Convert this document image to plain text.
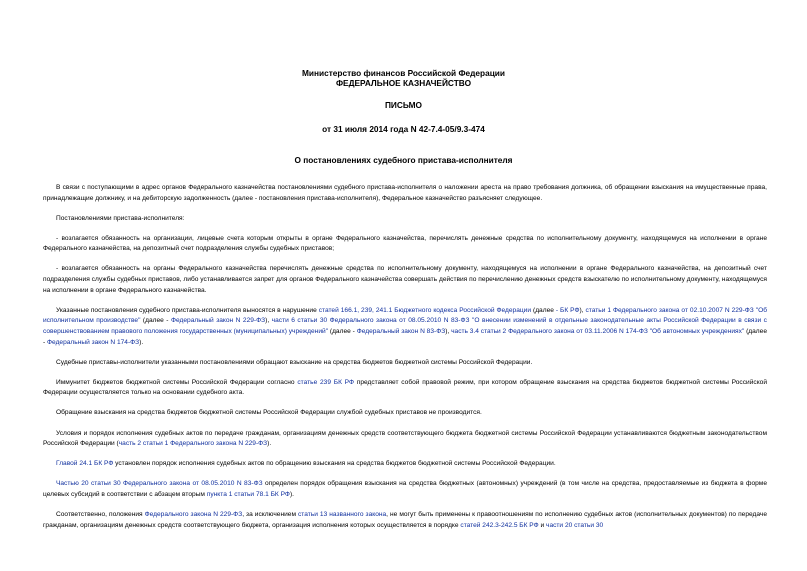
Министерство финансов Российской Федерации
ФЕДЕРАЛЬНОЕ КАЗНАЧЕЙСТВО
ПИСЬМО
от 31 июля 2014 года N 42-7.4-05/9.3-474
О постановлениях судебного пристава-исполнителя

В связи с поступающими в адрес органов Федерального казначейства постановлениями судебного пристава-исполнителя о наложении ареста на право требования должника, об обращении взыскания на имущественные права, принадлежащие должнику, и на дебиторскую задолженность (далее - постановления пристава-исполнителя), Федеральное казначейство разъясняет следующее.

Постановлениями пристава-исполнителя:

- возлагается обязанность на организации, лицевые счета которым открыты в органе Федерального казначейства, перечислять денежные средства по исполнительному документу, находящемуся на исполнении в органе Федерального казначейства, на депозитный счет подразделения службы судебных приставов;

- возлагается обязанность на органы Федерального казначейства перечислять денежные средства по исполнительному документу, находящемуся на исполнении в органе Федерального казначейства, на депозитный счет подразделения службы судебных приставов, либо устанавливается запрет для органов Федерального казначейства совершать действия по перечислению денежных средств взыскателю по исполнительному документу, находящемуся на исполнении в органе Федерального казначейства.

Указанные постановления судебного пристава-исполнителя выносятся в нарушение статей 166.1, 239, 241.1 Бюджетного кодекса Российской Федерации (далее - БК РФ), статьи 1 Федерального закона от 02.10.2007 N 229-ФЗ "Об исполнительном производстве" (далее - Федеральный закон N 229-ФЗ), части 6 статьи 30 Федерального закона от 08.05.2010 N 83-ФЗ "О внесении изменений в отдельные законодательные акты Российской Федерации в связи с совершенствованием правового положения государственных (муниципальных) учреждений" (далее - Федеральный закон N 83-ФЗ), часть 3.4 статьи 2 Федерального закона от 03.11.2006 N 174-ФЗ "Об автономных учреждениях" (далее - Федеральный закон N 174-ФЗ).

Судебные приставы-исполнители указанными постановлениями обращают взыскание на средства бюджетов бюджетной системы Российской Федерации.

Иммунитет бюджетов бюджетной системы Российской Федерации согласно статье 239 БК РФ представляет собой правовой режим, при котором обращение взыскания на средства бюджетов бюджетной системы Российской Федерации осуществляется только на основании судебного акта.

Обращение взыскания на средства бюджетов бюджетной системы Российской Федерации службой судебных приставов не производится.

Условия и порядок исполнения судебных актов по передаче гражданам, организациям денежных средств соответствующего бюджета бюджетной системы Российской Федерации устанавливаются бюджетным законодательством Российской Федерации (часть 2 статьи 1 Федерального закона N 229-ФЗ).

Главой 24.1 БК РФ установлен порядок исполнения судебных актов по обращению взыскания на средства бюджетов бюджетной системы Российской Федерации.

Частью 20 статьи 30 Федерального закона от 08.05.2010 N 83-ФЗ определен порядок обращения взыскания на средства бюджетных (автономных) учреждений (в том числе на средства, предоставляемые из бюджета в форме целевых субсидий в соответствии с абзацем вторым пункта 1 статьи 78.1 БК РФ).

Соответственно, положения Федерального закона N 229-ФЗ, за исключением статьи 13 названного закона, не могут быть применены к правоотношениям по исполнению судебных актов (исполнительных документов) по передаче гражданам, организациям денежных средств соответствующего бюджета, организация исполнения которых осуществляется в порядке статей 242.3-242.5 БК РФ и части 20 статьи 30
